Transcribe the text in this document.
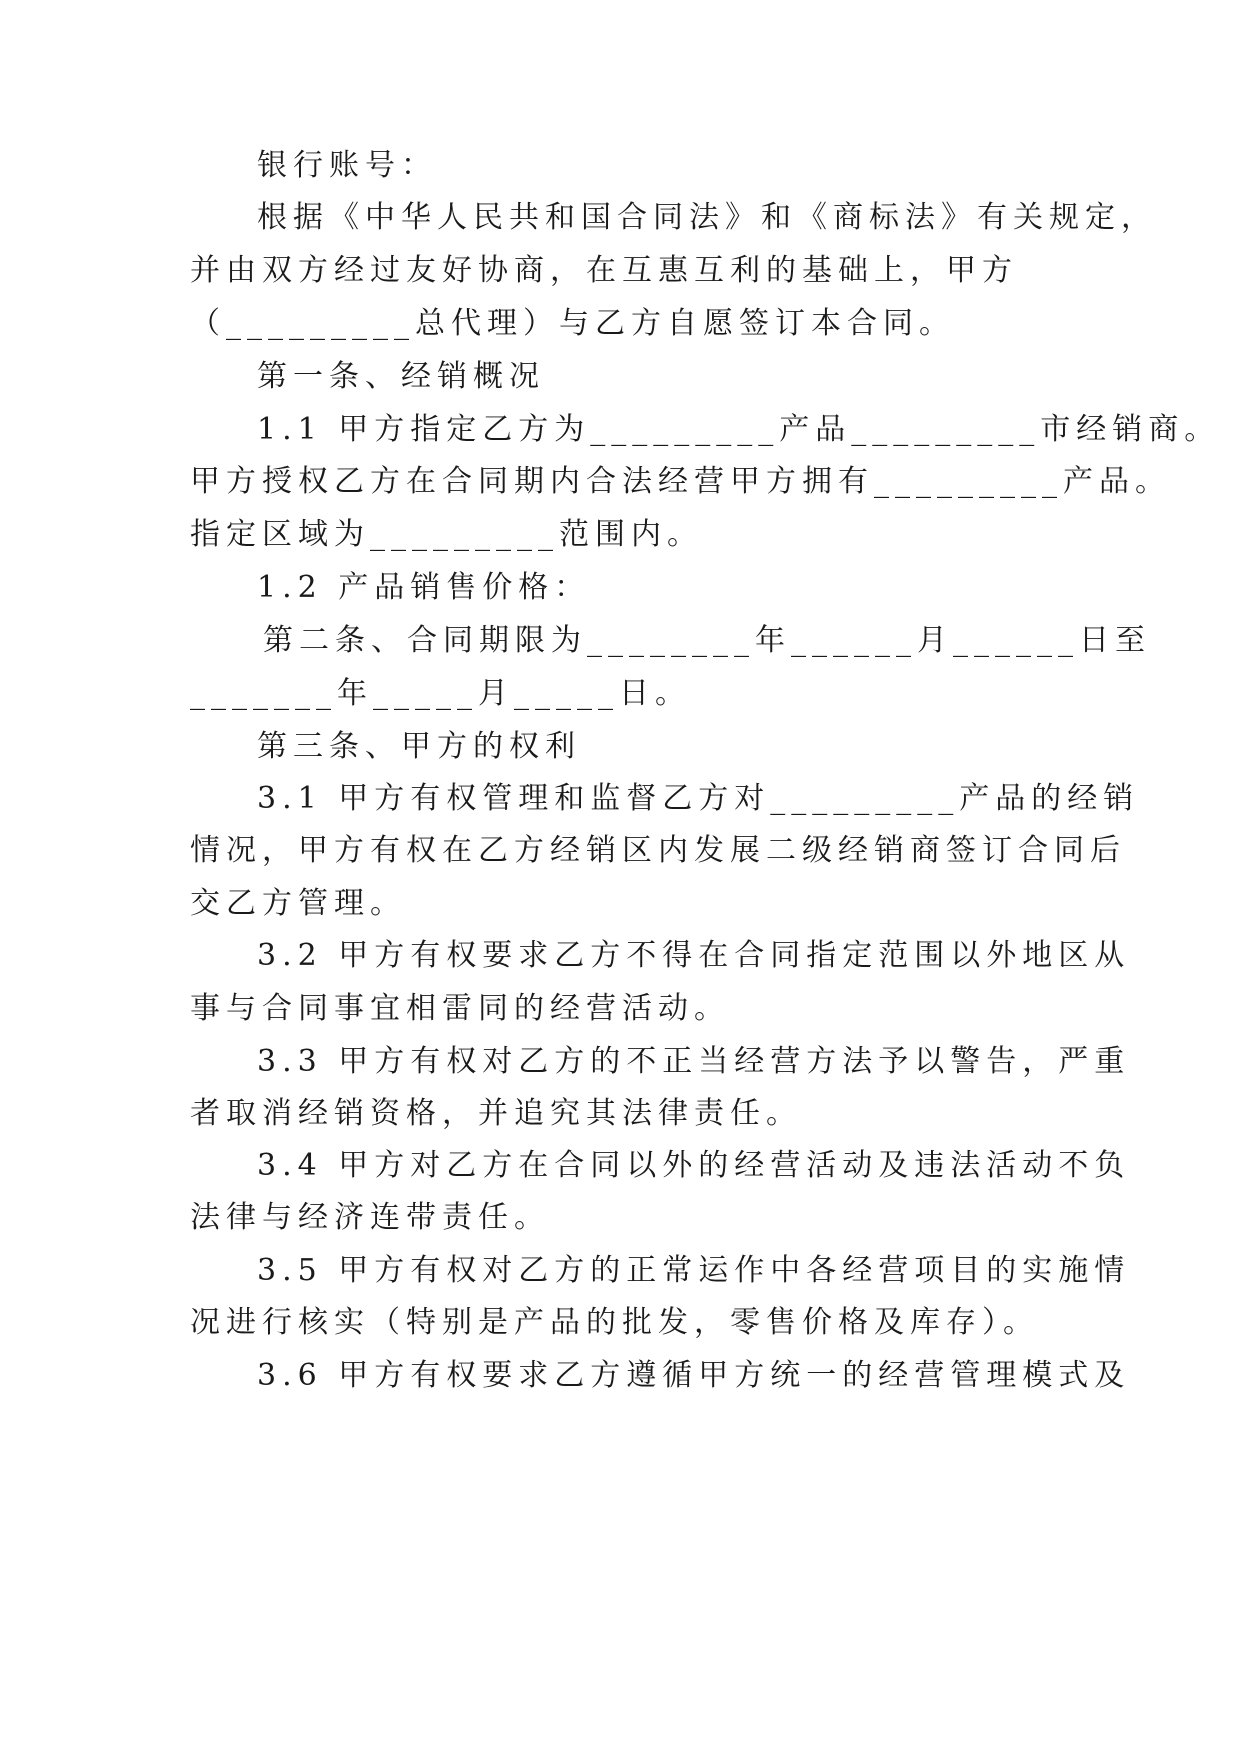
银行账号：
根据《中华人民共和国合同法》和《商标法》有关规定，
并由双方经过友好协商，在互惠互利的基础上，甲方
（_________总代理）与乙方自愿签订本合同。
第一条、经销概况
1.1 甲方指定乙方为_________产品_________市经销商。
甲方授权乙方在合同期内合法经营甲方拥有_________产品。
指定区域为_________范围内。
1.2 产品销售价格：
第二条、合同期限为________年______月______日至
_______年_____月_____日。
第三条、甲方的权利
3.1 甲方有权管理和监督乙方对_________产品的经销
情况，甲方有权在乙方经销区内发展二级经销商签订合同后
交乙方管理。
3.2 甲方有权要求乙方不得在合同指定范围以外地区从
事与合同事宜相雷同的经营活动。
3.3 甲方有权对乙方的不正当经营方法予以警告，严重
者取消经销资格，并追究其法律责任。
3.4 甲方对乙方在合同以外的经营活动及违法活动不负
法律与经济连带责任。
3.5 甲方有权对乙方的正常运作中各经营项目的实施情
况进行核实（特别是产品的批发，零售价格及库存）。
3.6 甲方有权要求乙方遵循甲方统一的经营管理模式及
